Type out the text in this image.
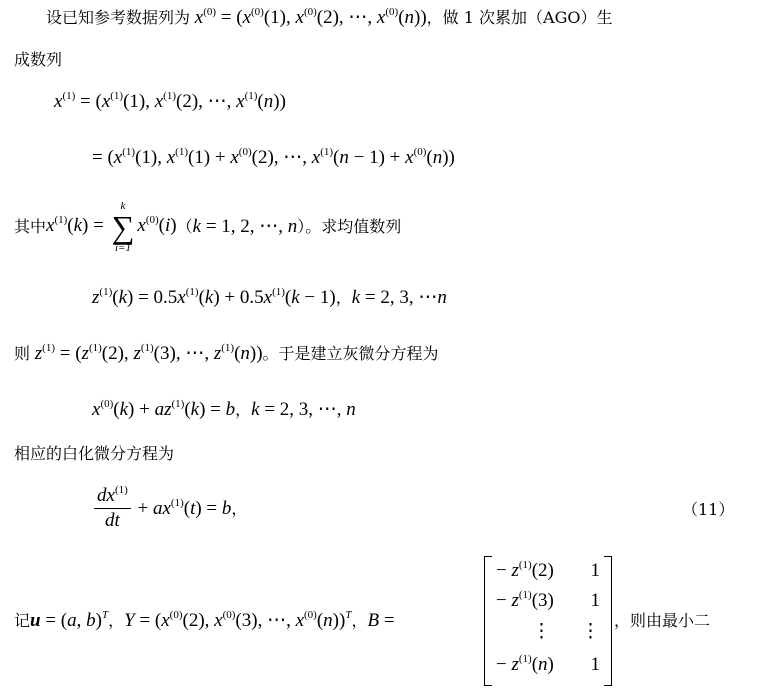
设已知参考数据列为 $x^{(0)} = (x^{(0)}(1)$, $x^{(0)}(2)$, ⋯, $x^{(0)}(n)$)，做 1 次累加（AGO）生
成数列
$x^{(1)} = (x^{(1)}(1)$, $x^{(1)}(2)$, ⋯, $x^{(1)}(n)$)
= ($x^{(1)}(1)$, $x^{(1)}(1) + x^{(0)}(2)$, ⋯, $x^{(1)}(n - 1) + x^{(0)}(n)$)
其中$x^{(1)}(k)$ =
k
∑
i=1
$x^{(0)}(i)(k = 1$, 2, ⋯, n）。求均值数列
$z^{(1)}(k) = 0.5x^{(1)}(k) + 0.5x^{(1)}(k - 1)$，k = 2, 3, ⋯n
则 $z^{(1)} = (z^{(1)}(2)$, $z^{(1)}(3)$, ⋯, $z^{(1)}(n)$)。于是建立灰微分方程为
$x^{(0)}(k) + az^{(1)}(k) = b$，k = 2, 3, ⋯, n
相应的白化微分方程为
$\frac{dx^{(1)}}{dt} + ax^{(1)}(t) = b$，	（11）
记u = (a, b)$^T$，$Y = (x^{(0)}(2)$, $x^{(0)}(3)$, ⋯, $x^{(0)}(n))^T$，B =
− $z^{(1)}(2)$ 1
− $z^{(1)}(3)$ 1
⋮ ⋮
− $z^{(1)}(n)$ 1
，则由最小二
